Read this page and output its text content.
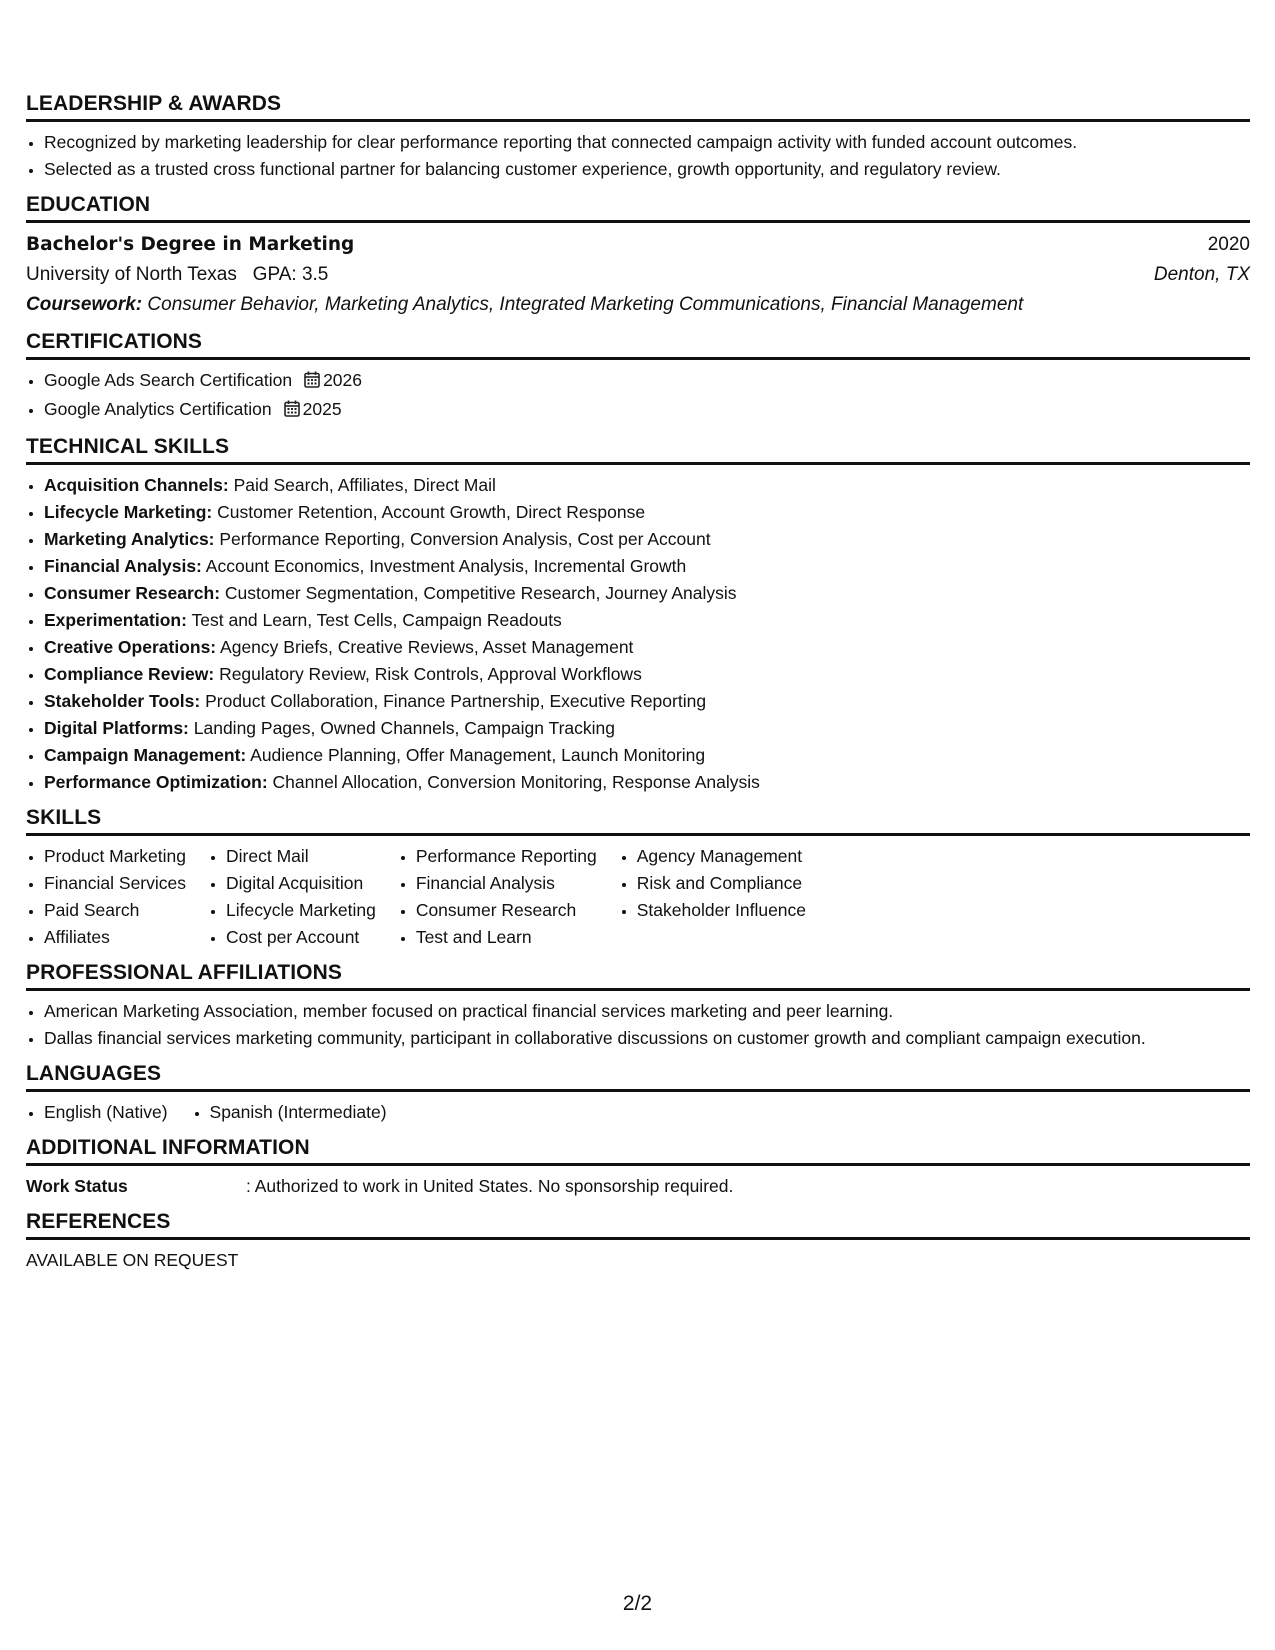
LEADERSHIP & AWARDS
• Recognized by marketing leadership for clear performance reporting that connected campaign activity with funded account outcomes.
• Selected as a trusted cross functional partner for balancing customer experience, growth opportunity, and regulatory review.
EDUCATION
Bachelor's Degree in Marketing	2020
University of North Texas   GPA: 3.5	Denton, TX
Coursework: Consumer Behavior, Marketing Analytics, Integrated Marketing Communications, Financial Management
CERTIFICATIONS
• Google Ads Search Certification 2026
• Google Analytics Certification 2025
TECHNICAL SKILLS
• Acquisition Channels: Paid Search, Affiliates, Direct Mail
• Lifecycle Marketing: Customer Retention, Account Growth, Direct Response
• Marketing Analytics: Performance Reporting, Conversion Analysis, Cost per Account
• Financial Analysis: Account Economics, Investment Analysis, Incremental Growth
• Consumer Research: Customer Segmentation, Competitive Research, Journey Analysis
• Experimentation: Test and Learn, Test Cells, Campaign Readouts
• Creative Operations: Agency Briefs, Creative Reviews, Asset Management
• Compliance Review: Regulatory Review, Risk Controls, Approval Workflows
• Stakeholder Tools: Product Collaboration, Finance Partnership, Executive Reporting
• Digital Platforms: Landing Pages, Owned Channels, Campaign Tracking
• Campaign Management: Audience Planning, Offer Management, Launch Monitoring
• Performance Optimization: Channel Allocation, Conversion Monitoring, Response Analysis
SKILLS
• Product Marketing
• Financial Services
• Paid Search
• Affiliates
• Direct Mail
• Digital Acquisition
• Lifecycle Marketing
• Cost per Account
• Performance Reporting
• Financial Analysis
• Consumer Research
• Test and Learn
• Agency Management
• Risk and Compliance
• Stakeholder Influence
PROFESSIONAL AFFILIATIONS
• American Marketing Association, member focused on practical financial services marketing and peer learning.
• Dallas financial services marketing community, participant in collaborative discussions on customer growth and compliant campaign execution.
LANGUAGES
• English (Native)
• Spanish (Intermediate)
ADDITIONAL INFORMATION
Work Status	: Authorized to work in United States. No sponsorship required.
REFERENCES
AVAILABLE ON REQUEST
2/2
